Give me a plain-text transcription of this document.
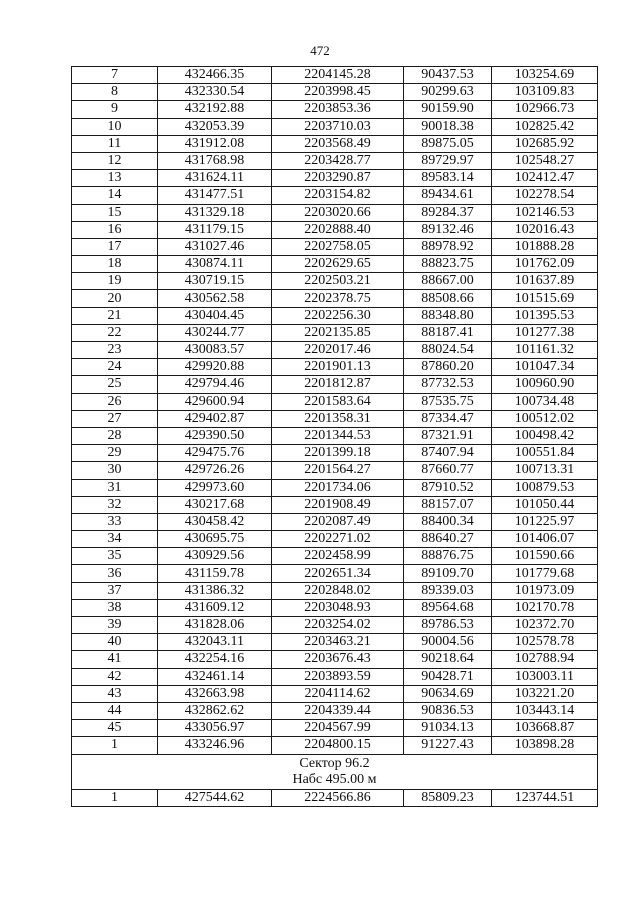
472
7	432466.35	2204145.28	90437.53	103254.69
8	432330.54	2203998.45	90299.63	103109.83
9	432192.88	2203853.36	90159.90	102966.73
10	432053.39	2203710.03	90018.38	102825.42
11	431912.08	2203568.49	89875.05	102685.92
12	431768.98	2203428.77	89729.97	102548.27
13	431624.11	2203290.87	89583.14	102412.47
14	431477.51	2203154.82	89434.61	102278.54
15	431329.18	2203020.66	89284.37	102146.53
16	431179.15	2202888.40	89132.46	102016.43
17	431027.46	2202758.05	88978.92	101888.28
18	430874.11	2202629.65	88823.75	101762.09
19	430719.15	2202503.21	88667.00	101637.89
20	430562.58	2202378.75	88508.66	101515.69
21	430404.45	2202256.30	88348.80	101395.53
22	430244.77	2202135.85	88187.41	101277.38
23	430083.57	2202017.46	88024.54	101161.32
24	429920.88	2201901.13	87860.20	101047.34
25	429794.46	2201812.87	87732.53	100960.90
26	429600.94	2201583.64	87535.75	100734.48
27	429402.87	2201358.31	87334.47	100512.02
28	429390.50	2201344.53	87321.91	100498.42
29	429475.76	2201399.18	87407.94	100551.84
30	429726.26	2201564.27	87660.77	100713.31
31	429973.60	2201734.06	87910.52	100879.53
32	430217.68	2201908.49	88157.07	101050.44
33	430458.42	2202087.49	88400.34	101225.97
34	430695.75	2202271.02	88640.27	101406.07
35	430929.56	2202458.99	88876.75	101590.66
36	431159.78	2202651.34	89109.70	101779.68
37	431386.32	2202848.02	89339.03	101973.09
38	431609.12	2203048.93	89564.68	102170.78
39	431828.06	2203254.02	89786.53	102372.70
40	432043.11	2203463.21	90004.56	102578.78
41	432254.16	2203676.43	90218.64	102788.94
42	432461.14	2203893.59	90428.71	103003.11
43	432663.98	2204114.62	90634.69	103221.20
44	432862.62	2204339.44	90836.53	103443.14
45	433056.97	2204567.99	91034.13	103668.87
1	433246.96	2204800.15	91227.43	103898.28

Сектор 96.2
Набс 495.00 м				

1	427544.62	2224566.86	85809.23	123744.51
